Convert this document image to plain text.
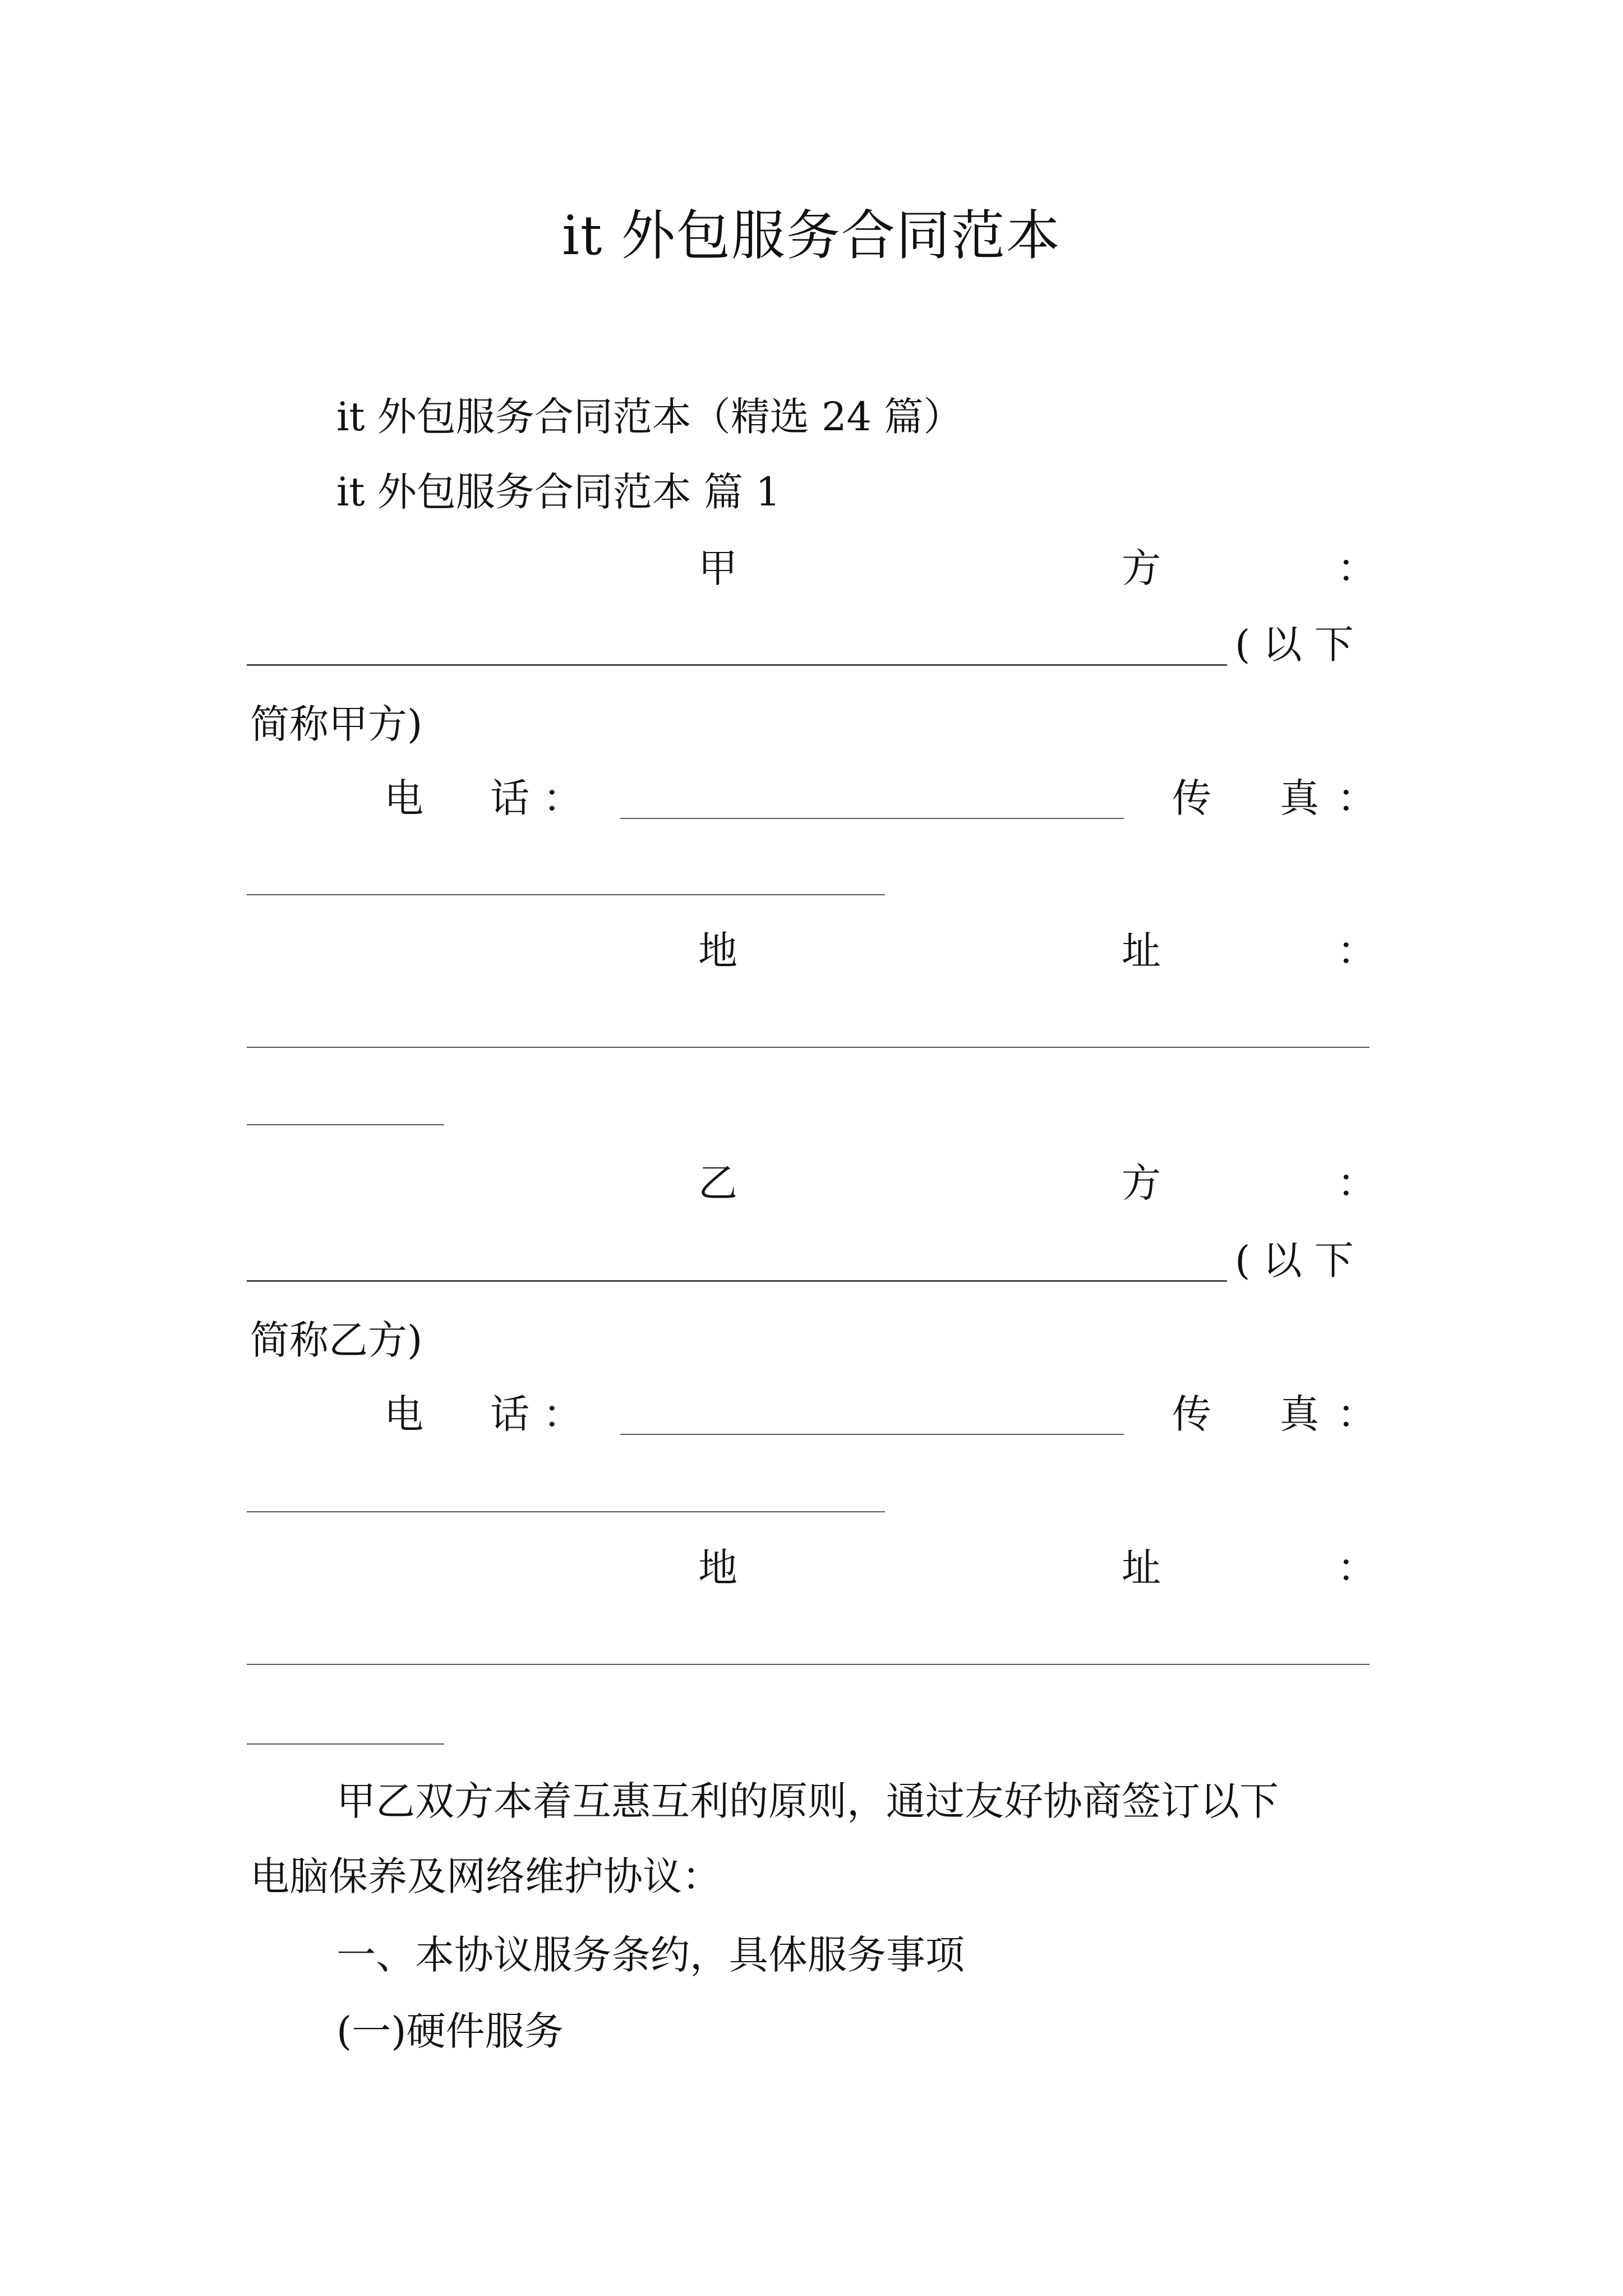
it 外包服务合同范本
it 外包服务合同范本（精选 24 篇）
it 外包服务合同范本 篇 1
甲	方	：
( 以 下
简称甲方)
电 话 ：	传 真 ：
地	址	：
乙	方	：
( 以 下
简称乙方)
电 话 ：	传 真 ：
地	址	：
甲乙双方本着互惠互利的原则，通过友好协商签订以下
电脑保养及网络维护协议：
一、本协议服务条约，具体服务事项
(一)硬件服务
